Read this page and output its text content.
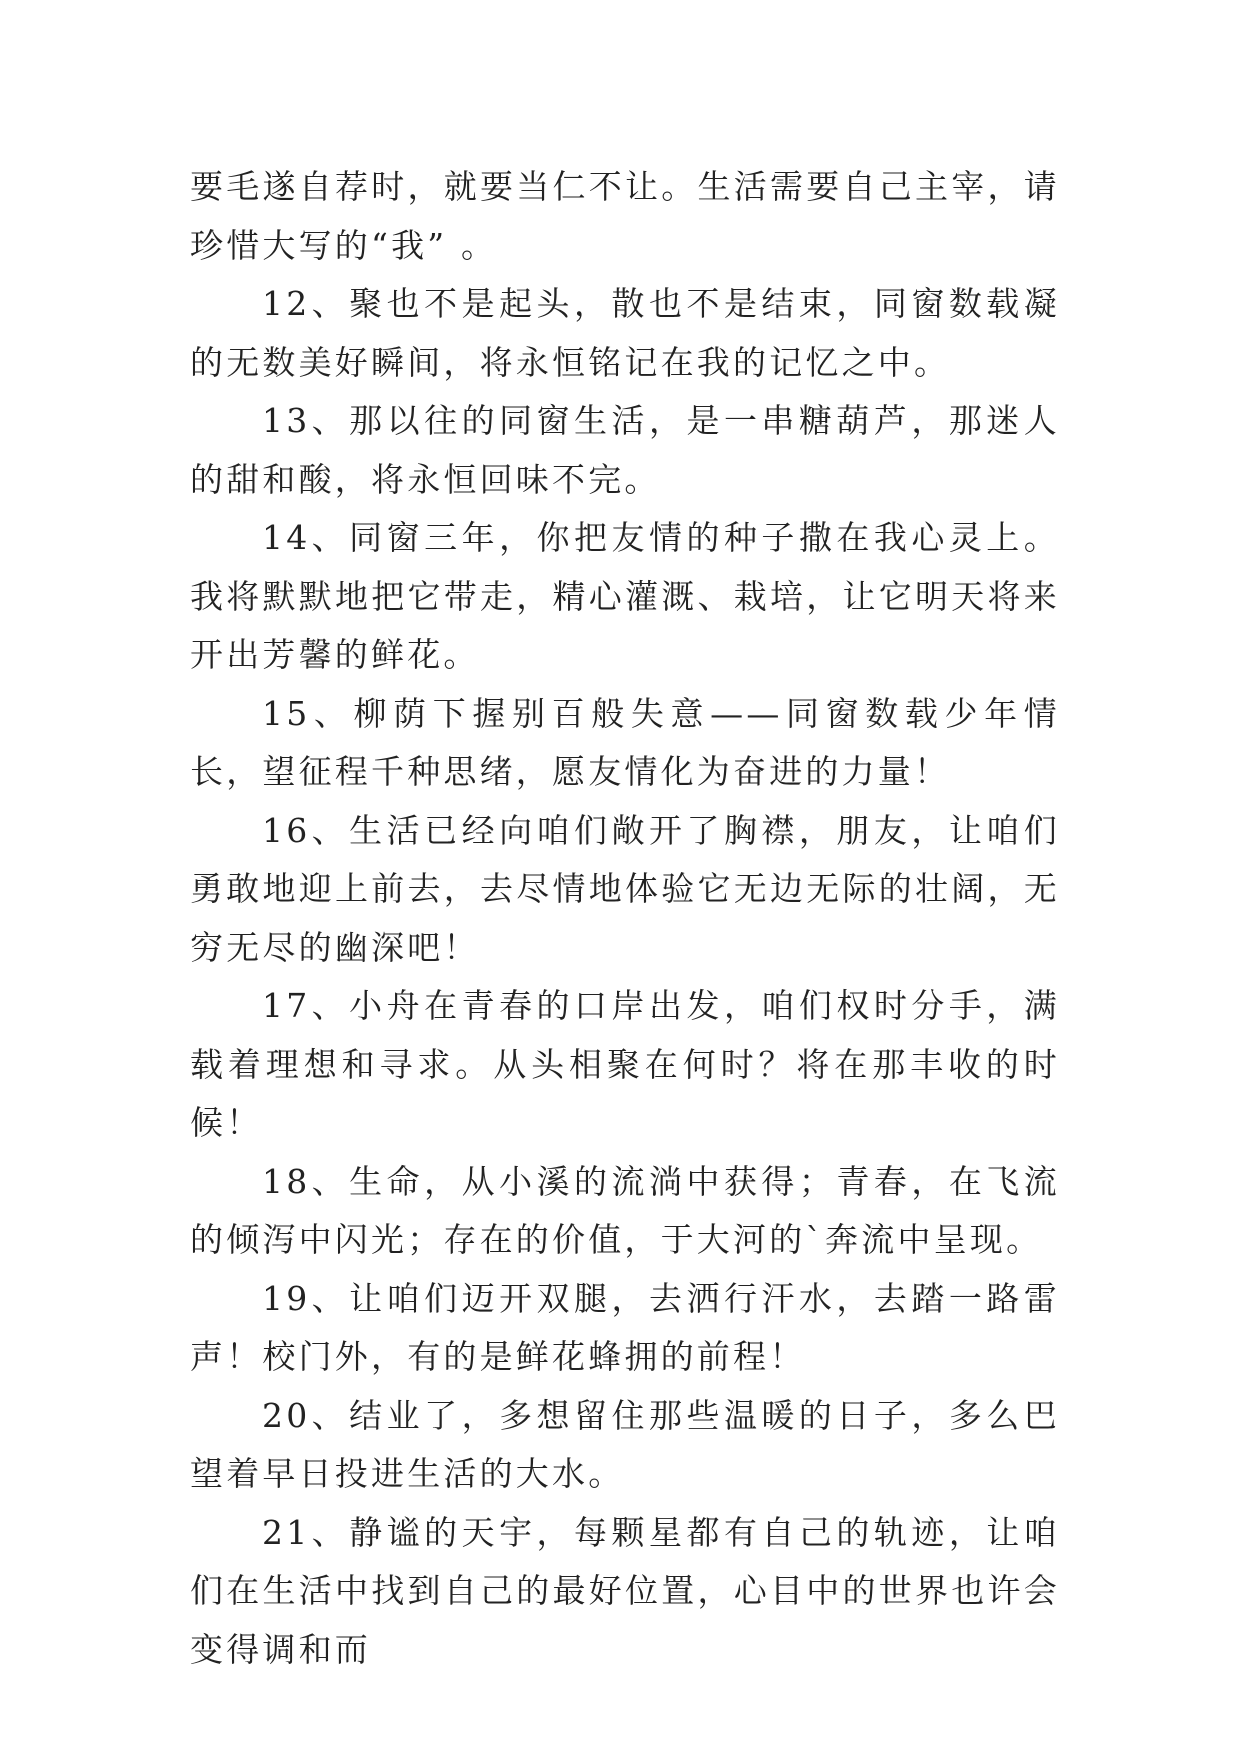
要毛遂自荐时，就要当仁不让。生活需要自己主宰，请珍惜大写的“我” 。

12、聚也不是起头，散也不是结束，同窗数载凝的无数美好瞬间，将永恒铭记在我的记忆之中。

13、那以往的同窗生活，是一串糖葫芦，那迷人的甜和酸，将永恒回味不完。

14、同窗三年，你把友情的种子撒在我心灵上。我将默默地把它带走，精心灌溉、栽培，让它明天将来开出芳馨的鲜花。

15、柳荫下握别百般失意——同窗数载少年情长，望征程千种思绪，愿友情化为奋进的力量！

16、生活已经向咱们敞开了胸襟，朋友，让咱们勇敢地迎上前去，去尽情地体验它无边无际的壮阔，无穷无尽的幽深吧！

17、小舟在青春的口岸出发，咱们权时分手，满载着理想和寻求。从头相聚在何时？将在那丰收的时候！

18、生命，从小溪的流淌中获得；青春，在飞流的倾泻中闪光；存在的价值，于大河的`奔流中呈现。

19、让咱们迈开双腿，去洒行汗水，去踏一路雷声！校门外，有的是鲜花蜂拥的前程！

20、结业了，多想留住那些温暖的日子，多么巴望着早日投进生活的大水。

21、静谧的天宇，每颗星都有自己的轨迹，让咱们在生活中找到自己的最好位置，心目中的世界也许会变得调和而
